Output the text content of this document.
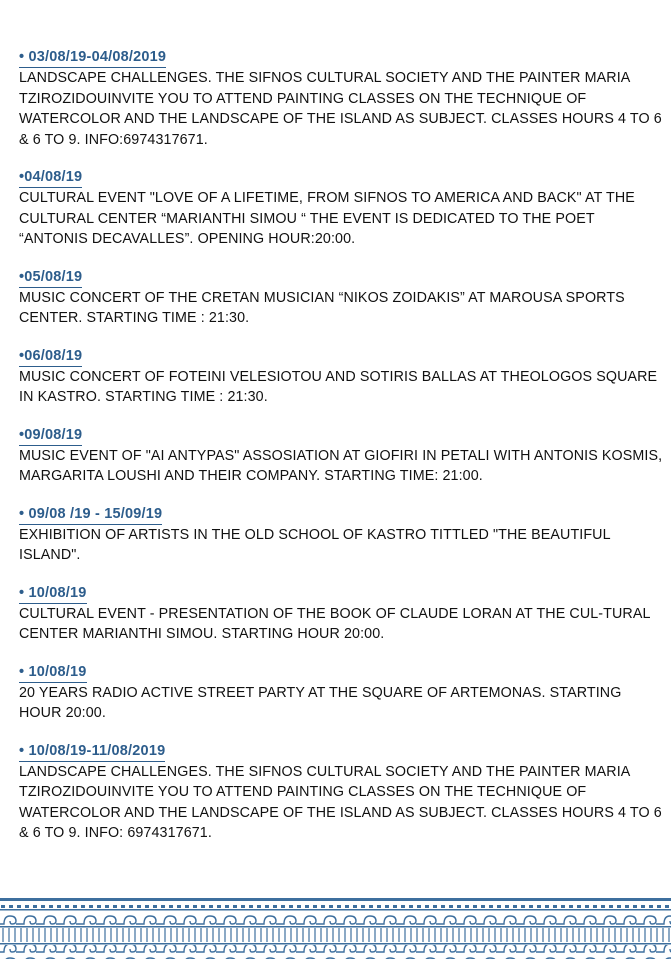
• 03/08/19-04/08/2019

LANDSCAPE CHALLENGES. THE SIFNOS CULTURAL SOCIETY AND THE PAINTER MARIA TZIROZIDOUINVITE YOU TO ATTEND PAINTING CLASSES ON THE TECHNIQUE OF WATERCOLOR AND THE LANDSCAPE OF THE ISLAND AS SUBJECT. CLASSES HOURS 4 TO 6 & 6 TO 9. INFO:6974317671.

•04/08/19

CULTURAL EVENT "LOVE OF A LIFETIME, FROM SIFNOS TO AMERICA AND BACK" AT THE CULTURAL CENTER “MARIANTHI SIMOU “ THE EVENT IS DEDICATED TO THE POET “ANTONIS DECAVALLES”. OPENING HOUR:20:00.

•05/08/19

MUSIC CONCERT OF THE CRETAN MUSICIAN “NIKOS ZOIDAKIS” AT MAROUSA SPORTS CENTER. STARTING TIME : 21:30.

•06/08/19

MUSIC CONCERT OF FOTEINI VELESIOTOU AND SOTIRIS BALLAS AT THEOLOGOS SQUARE IN KASTRO. STARTING TIME : 21:30.

•09/08/19

MUSIC EVENT OF "AI ANTYPAS" ASSOSIATION AT GIOFIRI IN PETALI WITH ANTONIS KOSMIS, MARGARITA LOUSHI AND THEIR COMPANY. STARTING TIME: 21:00.

• 09/08 /19 - 15/09/19

EXHIBITION OF ARTISTS IN THE OLD SCHOOL OF KASTRO TITTLED "THE BEAUTIFUL ISLAND".

• 10/08/19

CULTURAL EVENT - PRESENTATION OF THE BOOK OF CLAUDE LORAN AT THE CUL-TURAL CENTER MARIANTHI SIMOU. STARTING HOUR 20:00.

• 10/08/19

20 YEARS RADIO ACTIVE STREET PARTY AT THE SQUARE OF ARTEMONAS. STARTING HOUR 20:00.

• 10/08/19-11/08/2019

LANDSCAPE CHALLENGES. THE SIFNOS CULTURAL SOCIETY AND THE PAINTER MARIA TZIROZIDOUINVITE YOU TO ATTEND PAINTING CLASSES ON THE TECHNIQUE OF WATERCOLOR AND THE LANDSCAPE OF THE ISLAND AS SUBJECT. CLASSES HOURS 4 TO 6 & 6 TO 9. INFO: 6974317671.
